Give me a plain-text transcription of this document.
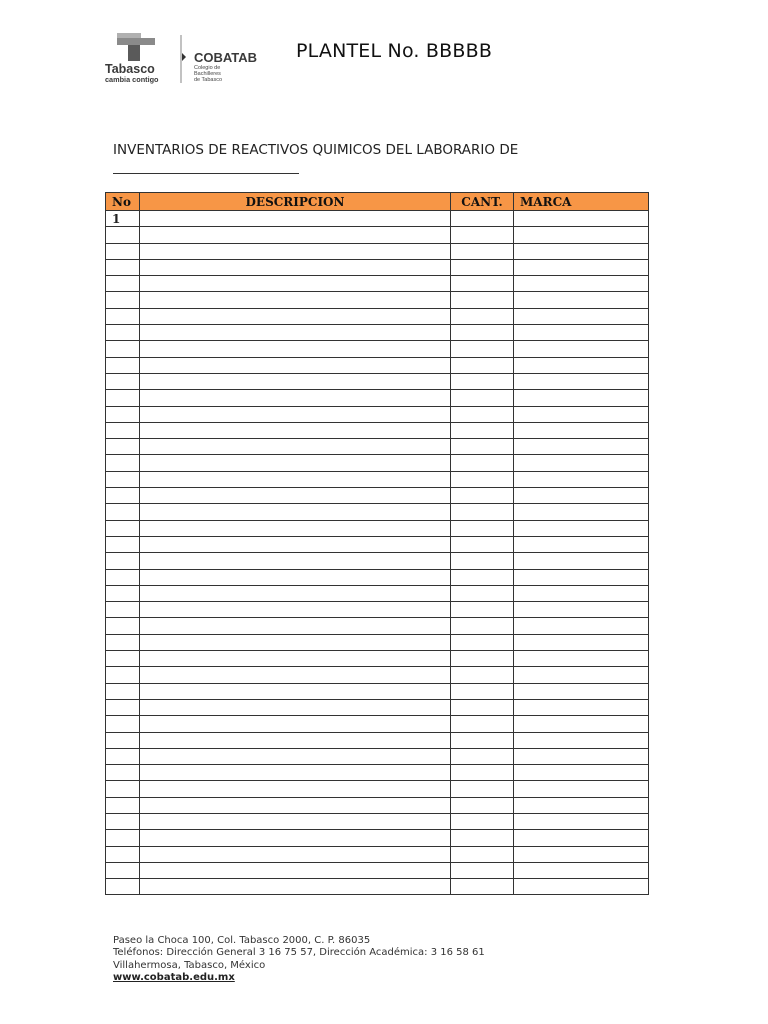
Tabasco
cambia contigo
COBATAB
Colegio de
Bachilleres
de Tabasco
PLANTEL No. BBBBB
INVENTARIOS DE REACTIVOS QUIMICOS DEL LABORARIO DE
No	DESCRIPCION	CANT.	MARCA
1			

Paseo la Choca 100, Col. Tabasco 2000, C. P. 86035
Teléfonos: Dirección General 3 16 75 57, Dirección Académica: 3 16 58 61
Villahermosa, Tabasco, México
www.cobatab.edu.mx
